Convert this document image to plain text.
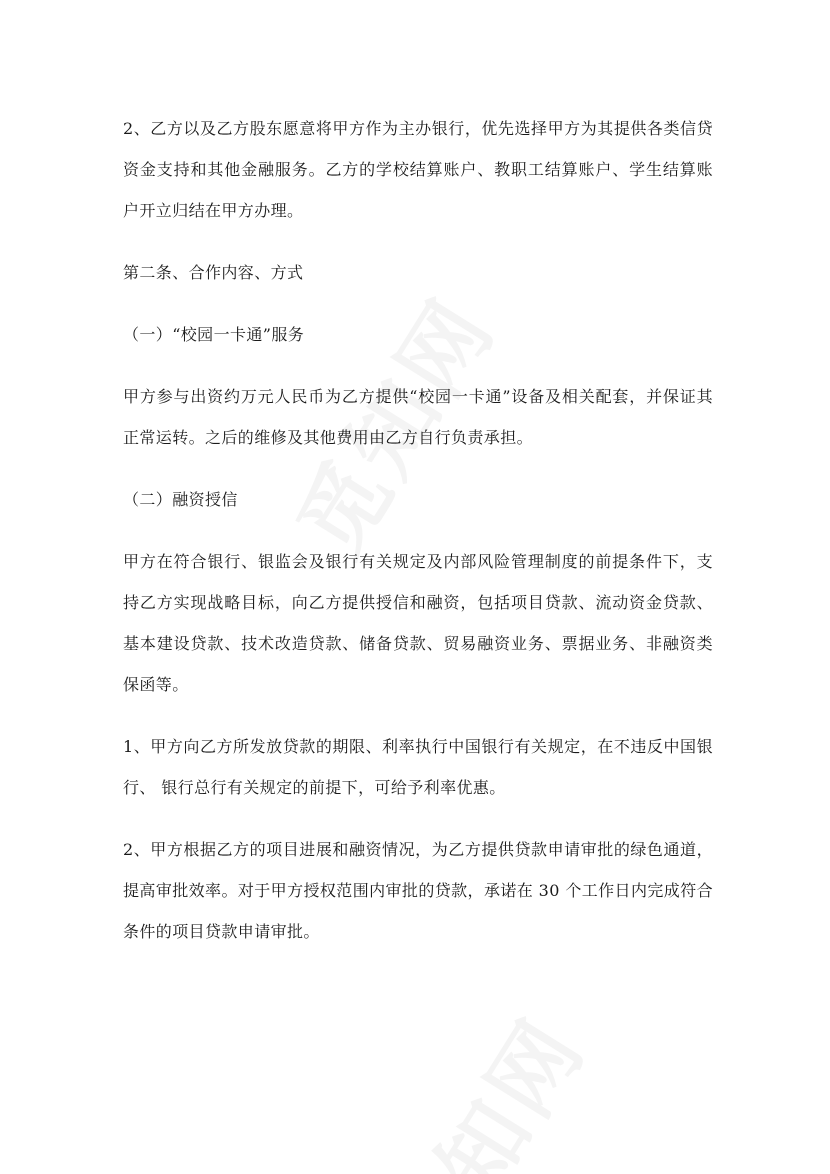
2、乙方以及乙方股东愿意将甲方作为主办银行，优先选择甲方为其提供各类信贷资金支持和其他金融服务。乙方的学校结算账户、教职工结算账户、学生结算账户开立归结在甲方办理。

第二条、合作内容、方式

（一）“校园一卡通”服务

甲方参与出资约万元人民币为乙方提供“校园一卡通”设备及相关配套，并保证其正常运转。之后的维修及其他费用由乙方自行负责承担。

（二）融资授信

甲方在符合银行、银监会及银行有关规定及内部风险管理制度的前提条件下，支持乙方实现战略目标，向乙方提供授信和融资，包括项目贷款、流动资金贷款、基本建设贷款、技术改造贷款、储备贷款、贸易融资业务、票据业务、非融资类保函等。

1、甲方向乙方所发放贷款的期限、利率执行中国银行有关规定，在不违反中国银行、 银行总行有关规定的前提下，可给予利率优惠。

2、甲方根据乙方的项目进展和融资情况，为乙方提供贷款申请审批的绿色通道，提高审批效率。对于甲方授权范围内审批的贷款，承诺在 30 个工作日内完成符合条件的项目贷款申请审批。
